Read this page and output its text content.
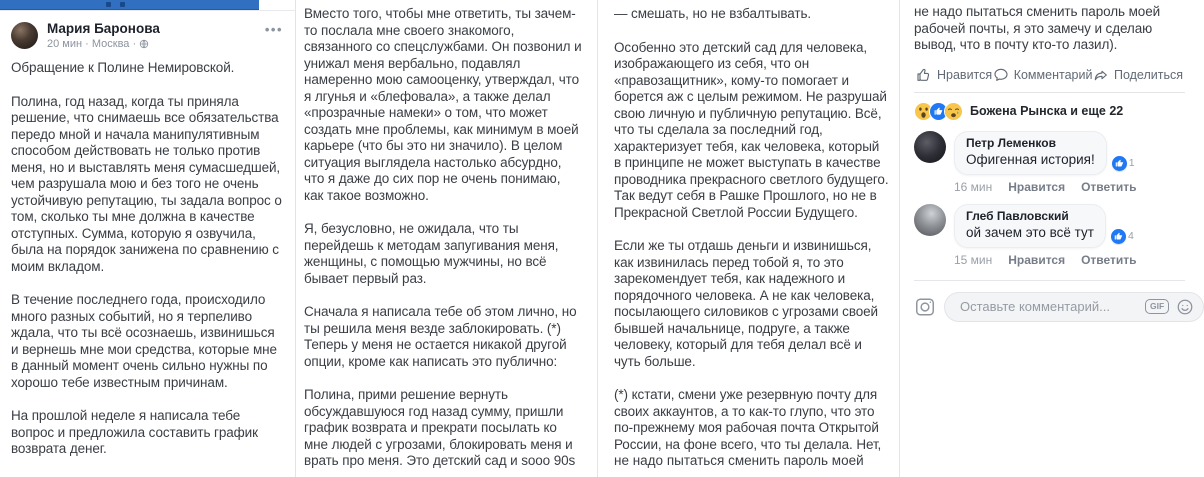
Мария Баронова
20 мин · Москва ·
•••

Обращение к Полине Немировской.

Полина, год назад, когда ты приняла решение, что снимаешь все обязательства передо мной и начала манипулятивным способом действовать не только против меня, но и выставлять меня сумасшедшей, чем разрушала мою и без того не очень устойчивую репутацию, ты задала вопрос о том, сколько ты мне должна в качестве отступных. Сумма, которую я озвучила, была на порядок занижена по сравнению с моим вкладом.

В течение последнего года, происходило много разных событий, но я терпеливо ждала, что ты всё осознаешь, извинишься и вернешь мне мои средства, которые мне в данный момент очень сильно нужны по хорошо тебе известным причинам.

На прошлой неделе я написала тебе вопрос и предложила составить график возврата денег.

Вместо того, чтобы мне ответить, ты зачем-то послала мне своего знакомого, связанного со спецслужбами. Он позвонил и унижал меня вербально, подавлял намеренно мою самооценку, утверждал, что я лгунья и «блефовала», а также делал «прозрачные намеки» о том, что может создать мне проблемы, как минимум в моей карьере (что бы это ни значило). В целом ситуация выглядела настолько абсурдно, что я даже до сих пор не очень понимаю, как такое возможно.

Я, безусловно, не ожидала, что ты перейдешь к методам запугивания меня, женщины, с помощью мужчины, но всё бывает первый раз.

Сначала я написала тебе об этом лично, но ты решила меня везде заблокировать. (*) Теперь у меня не остается никакой другой опции, кроме как написать это публично:

Полина, прими решение вернуть обсуждавшуюся год назад сумму, пришли график возврата и прекрати посылать ко мне людей с угрозами, блокировать меня и врать про меня. Это детский сад и sooo 90s

— смешать, но не взбалтывать.

Особенно это детский сад для человека, изображающего из себя, что он «правозащитник», кому-то помогает и борется аж с целым режимом. Не разрушай свою личную и публичную репутацию. Всё, что ты сделала за последний год, характеризует тебя, как человека, который в принципе не может выступать в качестве проводника прекрасного светлого будущего. Так ведут себя в Рашке Прошлого, но не в Прекрасной Светлой России Будущего.

Если же ты отдашь деньги и извинишься, как извинилась перед тобой я, то это зарекомендует тебя, как надежного и порядочного человека. А не как человека, посылающего силовиков с угрозами своей бывшей начальнице, подруге, а также человеку, который для тебя делал всё и чуть больше.

(*) кстати, смени уже резервную почту для своих аккаунтов, а то как-то глупо, что это по-прежнему моя рабочая почта Открытой России, на фоне всего, что ты делала. Нет,

не надо пытаться сменить пароль моей

не надо пытаться сменить пароль моей рабочей почты, я это замечу и сделаю вывод, что в почту кто-то лазил).

Нравится Комментарий Поделиться
Божена Рынска и еще 22
Петр Леменков
Офигенная история!	1
16 мин Нравится Ответить
Глеб Павловский
ой зачем это всё тут	4
15 мин Нравится Ответить
Оставьте комментарий...
GIF
